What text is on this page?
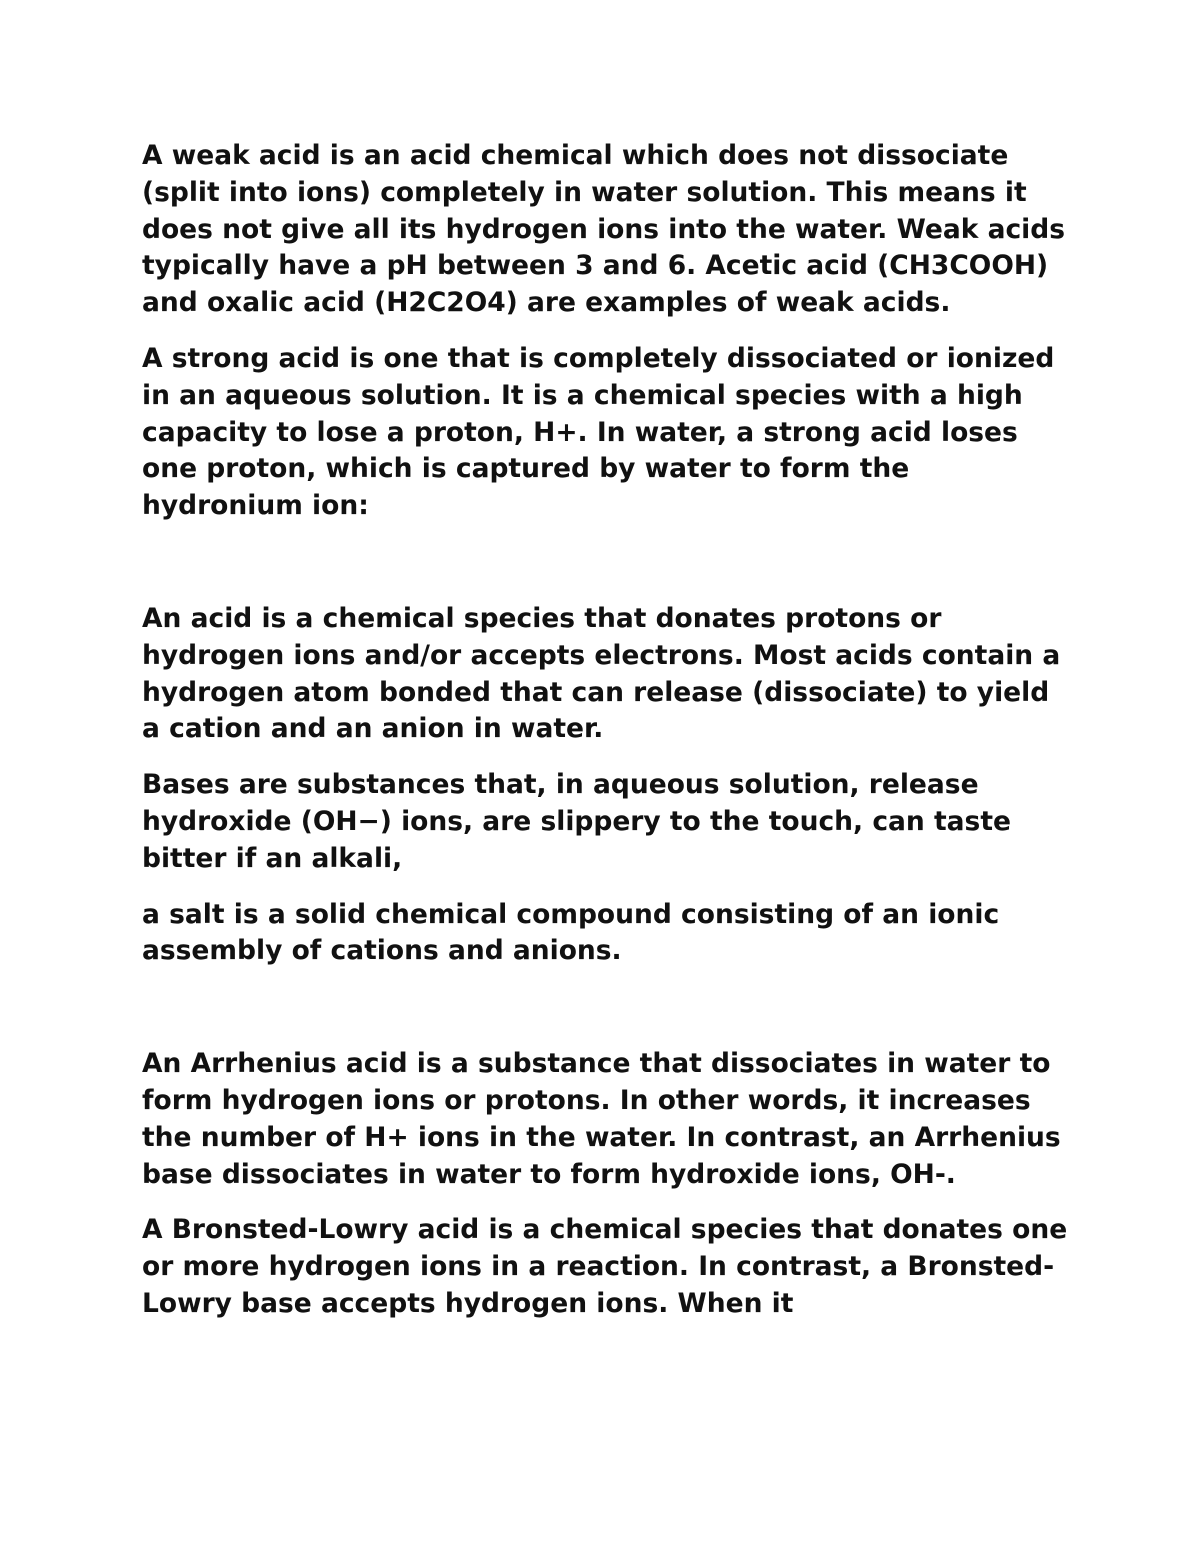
A weak acid is an acid chemical which does not dissociate (split into ions) completely in water solution. This means it does not give all its hydrogen ions into the water. Weak acids typically have a pH between 3 and 6. Acetic acid (CH3COOH) and oxalic acid (H2C2O4) are examples of weak acids.

A strong acid is one that is completely dissociated or ionized in an aqueous solution. It is a chemical species with a high capacity to lose a proton, H+. In water, a strong acid loses one proton, which is captured by water to form the hydronium ion:

An acid is a chemical species that donates protons or hydrogen ions and/or accepts electrons. Most acids contain a hydrogen atom bonded that can release (dissociate) to yield a cation and an anion in water.

Bases are substances that, in aqueous solution, release hydroxide (OH−) ions, are slippery to the touch, can taste bitter if an alkali,

a salt is a solid chemical compound consisting of an ionic assembly of cations and anions.

An Arrhenius acid is a substance that dissociates in water to form hydrogen ions or protons. In other words, it increases the number of H+ ions in the water. In contrast, an Arrhenius base dissociates in water to form hydroxide ions, OH-.

A Bronsted-Lowry acid is a chemical species that donates one or more hydrogen ions in a reaction. In contrast, a Bronsted-Lowry base accepts hydrogen ions. When it
